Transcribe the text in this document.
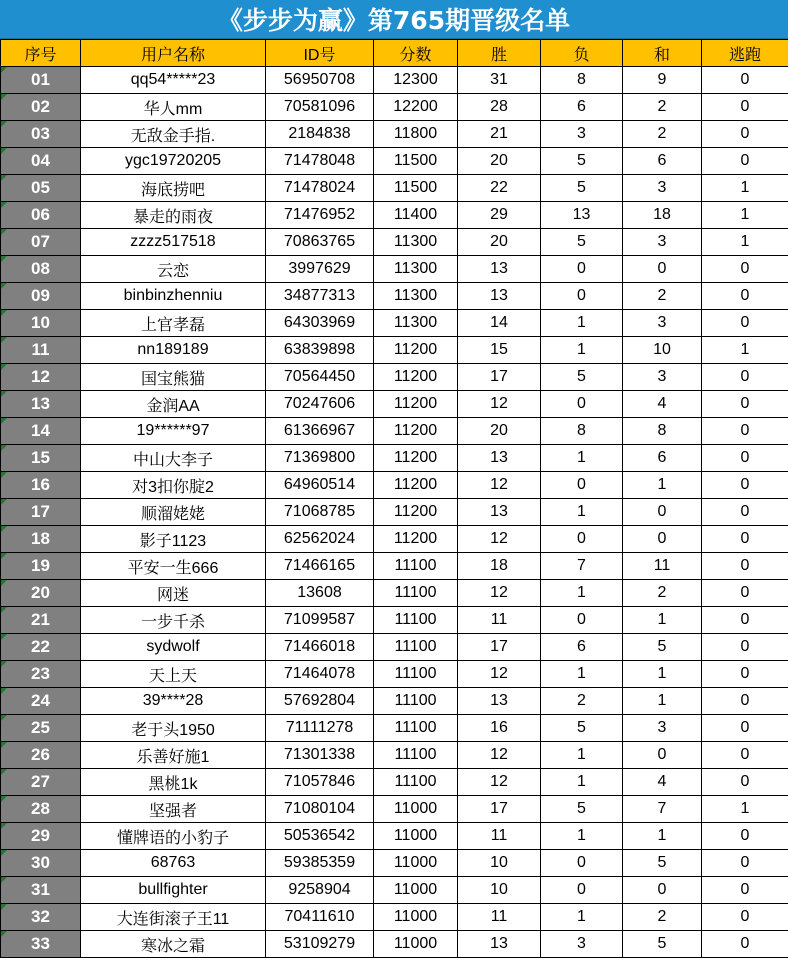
《步步为赢》第765期晋级名单
序号	用户名称	ID号	分数	胜	负	和	逃跑
01	qq54*****23	56950708	12300	31	8	9	0
02	华人mm	70581096	12200	28	6	2	0
03	无敌金手指.	2184838	11800	21	3	2	0
04	ygc19720205	71478048	11500	20	5	6	0
05	海底捞吧	71478024	11500	22	5	3	1
06	暴走的雨夜	71476952	11400	29	13	18	1
07	zzzz517518	70863765	11300	20	5	3	1
08	云恋	3997629	11300	13	0	0	0
09	binbinzhenniu	34877313	11300	13	0	2	0
10	上官孝磊	64303969	11300	14	1	3	0
11	nn189189	63839898	11200	15	1	10	1
12	国宝熊猫	70564450	11200	17	5	3	0
13	金润AA	70247606	11200	12	0	4	0
14	19******97	61366967	11200	20	8	8	0
15	中山大李子	71369800	11200	13	1	6	0
16	对3扣你腚2	64960514	11200	12	0	1	0
17	顺溜姥姥	71068785	11200	13	1	0	0
18	影子1123	62562024	11200	12	0	0	0
19	平安一生666	71466165	11100	18	7	11	0
20	网迷	13608	11100	12	1	2	0
21	一步千杀	71099587	11100	11	0	1	0
22	sydwolf	71466018	11100	17	6	5	0
23	天上天	71464078	11100	12	1	1	0
24	39****28	57692804	11100	13	2	1	0
25	老于头1950	71111278	11100	16	5	3	0
26	乐善好施1	71301338	11100	12	1	0	0
27	黑桃1k	71057846	11100	12	1	4	0
28	坚强者	71080104	11000	17	5	7	1
29	懂牌语的小豹子	50536542	11000	11	1	1	0
30	68763	59385359	11000	10	0	5	0
31	bullfighter	9258904	11000	10	0	0	0
32	大连街滚子王11	70411610	11000	11	1	2	0
33	寒冰之霜	53109279	11000	13	3	5	0
